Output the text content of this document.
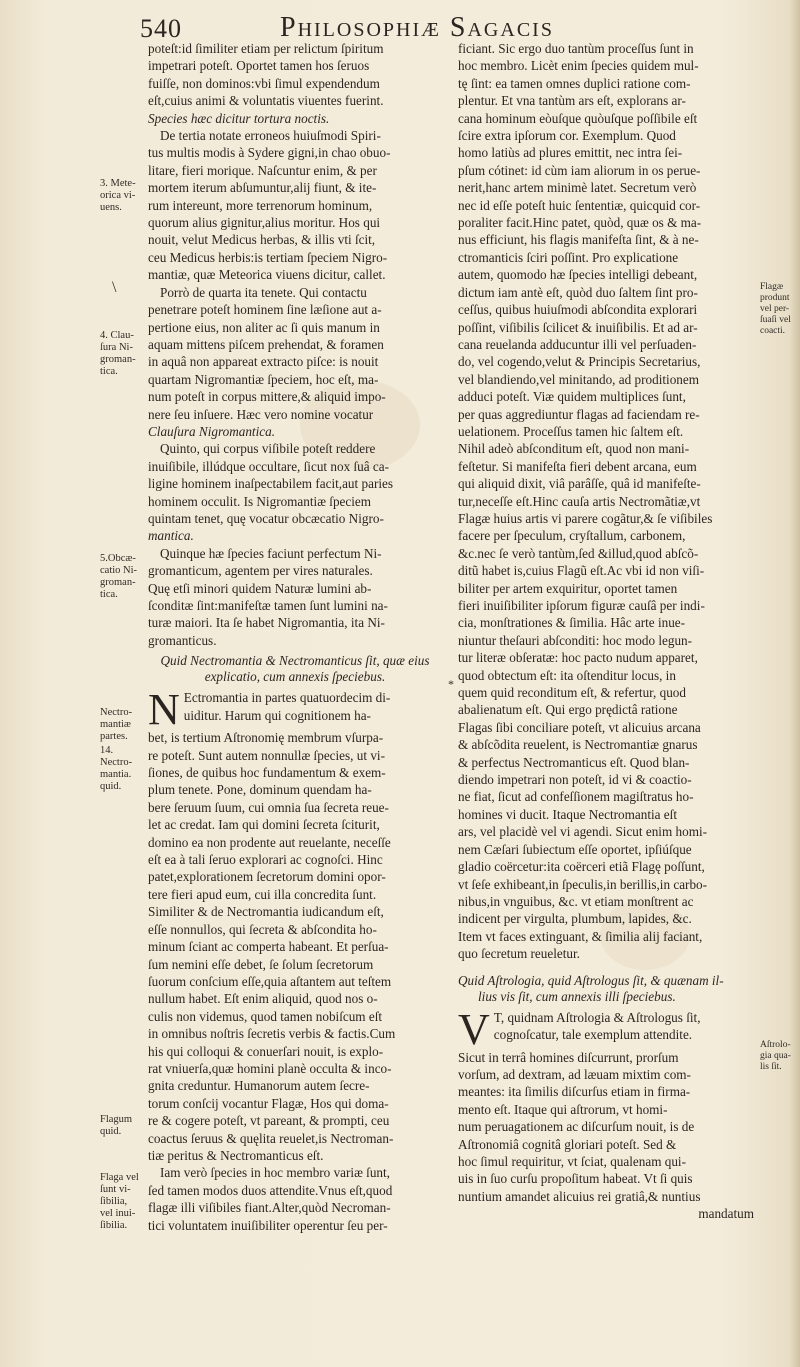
540	Philosophiæ Sagacis

poteſt:id ſimiliter etiam per relictum ſpiritum
impetrari poteſt. Oportet tamen hos ſeruos
fuiſſe, non dominos:vbi ſimul expendendum
eſt,cuius animi & voluntatis viuentes fuerint.
Species hæc dicitur tortura noctis.

De tertia notate erroneos huiuſmodi Spiri-
tus multis modis à Sydere gigni,in chao obuo-
litare, fieri morique. Naſcuntur enim, & per
mortem iterum abſumuntur,alij fiunt, & ite-
rum intereunt, more terrenorum hominum,
quorum alius gignitur,alius moritur. Hos qui
nouit, velut Medicus herbas, & illis vti ſcit,
ceu Medicus herbis:is tertiam ſpeciem Nigro-
mantiæ, quæ Meteorica viuens dicitur, callet.

Porrò de quarta ita tenete. Qui contactu
penetrare poteſt hominem ſine læſione aut a-
pertione eius, non aliter ac ſi quis manum in
aquam mittens piſcem prehendat, & foramen
in aquâ non appareat extracto piſce: is nouit
quartam Nigromantiæ ſpeciem, hoc eſt, ma-
num poteſt in corpus mittere,& aliquid impo-
nere ſeu inſuere. Hæc vero nomine vocatur
Clauſura Nigromantica.

Quinto, qui corpus viſibile poteſt reddere
inuiſibile, illúdque occultare, ſicut nox ſuâ ca-
ligine hominem inaſpectabilem facit,aut paries
hominem occulit. Is Nigromantiæ ſpeciem
quintam tenet, quę vocatur obcæcatio Nigro-
mantica.

Quinque hæ ſpecies faciunt perfectum Ni-
gromanticum, agentem per vires naturales.
Quę etſi minori quidem Naturæ lumini ab-
ſconditæ ſint:manifeſtæ tamen ſunt lumini na-
turæ maiori. Ita ſe habet Nigromantia, ita Ni-
gromanticus.

Quid Nectromantia & Nectromanticus ſit, quæ eius
explicatio, cum annexis ſpeciebus.

N Ectromantia in partes quatuordecim di-
uiditur. Harum qui cognitionem ha-
bet, is tertium Aſtronomię membrum vſurpa-
re poteſt. Sunt autem nonnullæ ſpecies, ut vi-
ſiones, de quibus hoc fundamentum & exem-
plum tenete. Pone, dominum quendam ha-
bere ſeruum ſuum, cui omnia ſua ſecreta reue-
let ac credat. Iam qui domini ſecreta ſciturit,
domino ea non prodente aut reuelante, neceſſe
eſt ea à tali ſeruo explorari ac cognoſci. Hinc
patet,explorationem ſecretorum domini opor-
tere fieri apud eum, cui illa concredita ſunt.
Similiter & de Nectromantia iudicandum eſt,
eſſe nonnullos, qui ſecreta & abſcondita ho-
minum ſciant ac comperta habeant. Et perſua-
ſum nemini eſſe debet, ſe ſolum ſecretorum
ſuorum conſcium eſſe,quia aſtantem aut teſtem
nullum habet. Eſt enim aliquid, quod nos o-
culis non videmus, quod tamen nobiſcum eſt
in omnibus noſtris ſecretis verbis & factis.Cum
his qui colloqui & conuerſari nouit, is explo-
rat vniuerſa,quæ homini planè occulta & inco-
gnita creduntur. Humanorum autem ſecre-
torum conſcij vocantur Flagæ, Hos qui doma-
re & cogere poteſt, vt pareant, & prompti, ceu
coactus ſeruus & quęlita reuelet,is Nectroman-
tiæ peritus & Nectromanticus eſt.

Iam verò ſpecies in hoc membro variæ ſunt,
ſed tamen modos duos attendite.Vnus eſt,quod
flagæ illi viſibiles fiant.Alter,quòd Necroman-
tici voluntatem inuiſibiliter operentur ſeu per-

ficiant. Sic ergo duo tantùm proceſſus ſunt in
hoc membro. Licèt enim ſpecies quidem mul-
tę ſint: ea tamen omnes duplici ratione com-
plentur. Et vna tantùm ars eſt, explorans ar-
cana hominum eòuſque quòuſque poſſibile eſt
ſcire extra ipſorum cor. Exemplum. Quod
homo latiùs ad plures emittit, nec intra ſei-
pſum cótinet: id cùm iam aliorum in os perue-
nerit,hanc artem minimè latet. Secretum verò
nec id eſſe poteſt huic ſententiæ, quicquid cor-
poraliter facit.Hinc patet, quòd, quæ os & ma-
nus efficiunt, his flagis manifeſta ſint, & à ne-
ctromanticis ſciri poſſint. Pro explicatione
autem, quomodo hæ ſpecies intelligi debeant,
dictum iam antè eſt, quòd duo ſaltem ſint pro-
ceſſus, quibus huiuſmodi abſcondita explorari
poſſint, viſibilis ſcilicet & inuiſibilis. Et ad ar-
cana reuelanda adducuntur illi vel perſuaden-
do, vel cogendo,velut & Principis Secretarius,
vel blandiendo,vel minitando, ad proditionem
adduci poteſt. Viæ quidem multiplices ſunt,
per quas aggrediuntur flagas ad faciendam re-
uelationem. Proceſſus tamen hic ſaltem eſt.
Nihil adeò abſconditum eſt, quod non mani-
feſtetur. Si manifeſta fieri debent arcana, eum
qui aliquid dixit, viâ parâſſe, quâ id manifeſte-
tur,neceſſe eſt.Hinc cauſa artis Nectromãtiæ,vt
Flagæ huius artis vi parere cogãtur,& ſe viſibiles
facere per ſpeculum, cryſtallum, carbonem,
&c.nec ſe verò tantùm,ſed &illud,quod abſcõ-
ditũ habet is,cuius Flagũ eſt.Ac vbi id non viſi-
biliter per artem exquiritur, oportet tamen
fieri inuiſibiliter ipſorum figuræ cauſâ per indi-
cia, monſtrationes & ſimilia. Hâc arte inue-
niuntur theſauri abſconditi: hoc modo legun-
tur literæ obſeratæ: hoc pacto nudum apparet,
quod obtectum eſt: ita oſtenditur locus, in
quem quid reconditum eſt, & refertur, quod
abalienatum eſt. Qui ergo prędictâ ratione
Flagas ſibi conciliare poteſt, vt alicuius arcana
& abſcõdita reuelent, is Nectromantiæ gnarus
& perfectus Nectromanticus eſt. Quod blan-
diendo impetrari non poteſt, id vi & coactio-
ne fiat, ſicut ad confeſſionem magiſtratus ho-
homines vi ducit. Itaque Nectromantia eſt
ars, vel placidè vel vi agendi. Sicut enim homi-
nem Cæſari ſubiectum eſſe oportet, ipſiúſque
gladio coërcetur:ita coërceri etiã Flagę poſſunt,
vt ſeſe exhibeant,in ſpeculis,in berillis,in carbo-
nibus,in vnguibus, &c. vt etiam monſtrent ac
indicent per virgulta, plumbum, lapides, &c.
Item vt faces extinguant, & ſimilia alij faciant,
quo ſecretum reueletur.

Quid Aſtrologia, quid Aſtrologus ſit, & quænam il-
lius vis ſit, cum annexis illi ſpeciebus.

V T, quidnam Aſtrologia & Aſtrologus ſit,
cognoſcatur, tale exemplum attendite.
Sicut in terrâ homines diſcurrunt, prorſum
vorſum, ad dextram, ad læuam mixtim com-
meantes: ita ſimilis diſcurſus etiam in firma-
mento eſt. Itaque qui aſtrorum, vt homi-
num peruagationem ac diſcurſum nouit, is de
Aſtronomiâ cognitâ gloriari poteſt. Sed &
hoc ſimul requiritur, vt ſciat, qualenam qui-
uis in ſuo curſu propoſitum habeat. Vt ſi quis
nuntium amandet alicuius rei gratiâ,& nuntius
mandatum

3. Mete-
orica vi-
uens.
\
4. Clau-
ſura Ni-
groman-
tica.
5.Obcæ-
catio Ni-
groman-
tica.
Nectro-
mantiæ
partes.
14.
Nectro-
mantia.
quid.
Flagum
quid.
Flaga vel
ſunt vi-
ſibilia,
vel inui-
ſibilia.
*
Flagæ
produnt
vel per-
ſuaſi vel
coacti.
Aſtrolo-
gia qua-
lis ſit.
